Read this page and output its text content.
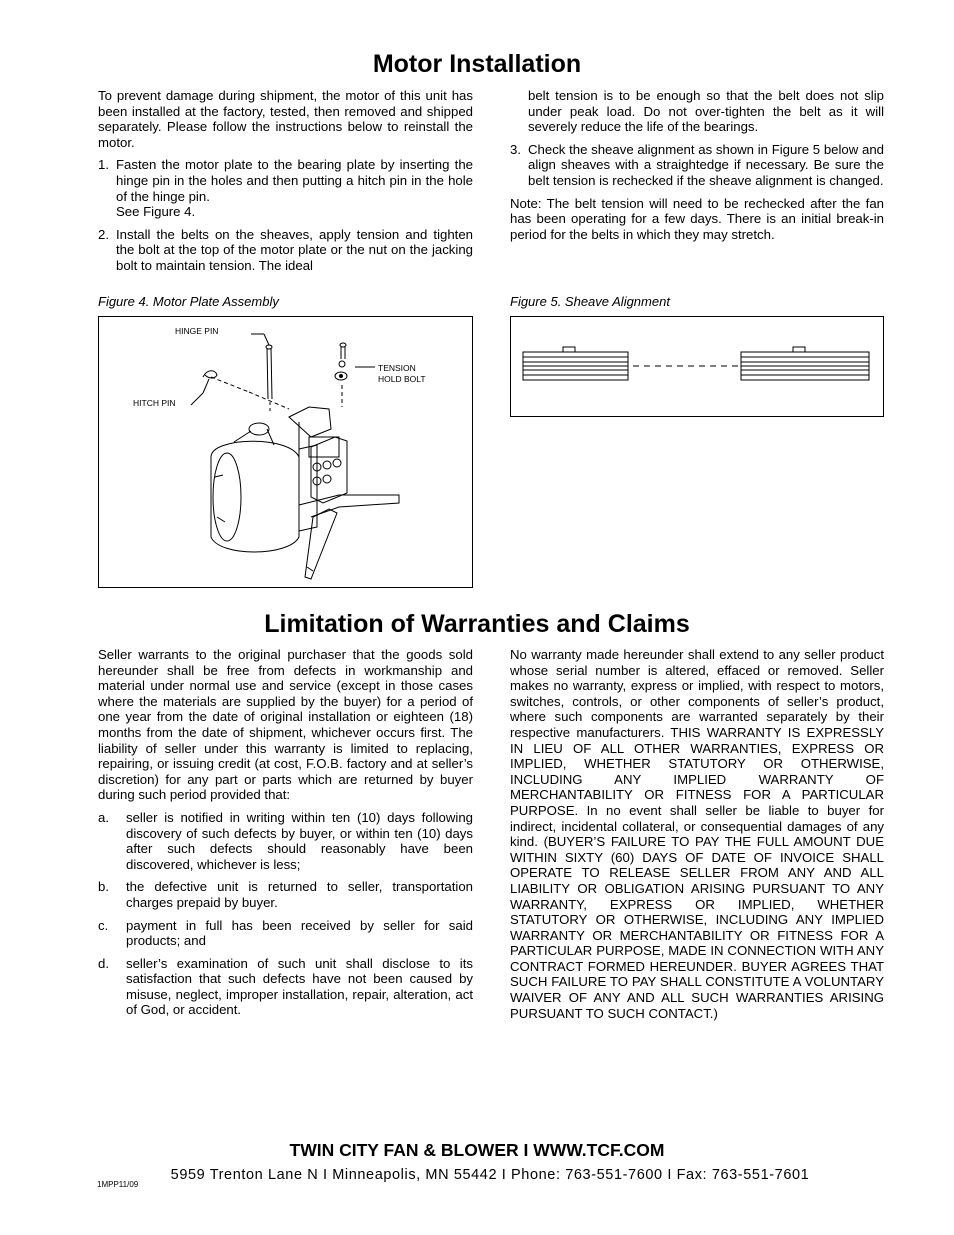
Motor Installation

To prevent damage during shipment, the motor of this unit has been installed at the factory, tested, then removed and shipped separately. Please follow the instructions below to reinstall the motor.

1. Fasten the motor plate to the bearing plate by inserting the hinge pin in the holes and then putting a hitch pin in the hole of the hinge pin.
See Figure 4.
2. Install the belts on the sheaves, apply tension and tighten the bolt at the top of the motor plate or the nut on the jacking bolt to maintain tension. The ideal
belt tension is to be enough so that the belt does not slip under peak load. Do not over-tighten the belt as it will severely reduce the life of the bearings.
3. Check the sheave alignment as shown in Figure 5 below and align sheaves with a straightedge if necessary. Be sure the belt tension is rechecked if the sheave alignment is changed.

Note: The belt tension will need to be rechecked after the fan has been operating for a few days. There is an initial break-in period for the belts in which they may stretch.

Figure 4. Motor Plate Assembly
HINGE PIN
HITCH PIN
TENSION
HOLD BOLT
Figure 5. Sheave Alignment
Limitation of Warranties and Claims

Seller warrants to the original purchaser that the goods sold hereunder shall be free from defects in workmanship and material under normal use and service (except in those cases where the materials are supplied by the buyer) for a period of one year from the date of original installation or eighteen (18) months from the date of shipment, whichever occurs first. The liability of seller under this warranty is limited to replacing, repairing, or issuing credit (at cost, F.O.B. factory and at seller’s discretion) for any part or parts which are returned by buyer during such period provided that:

a.	seller is notified in writing within ten (10) days following discovery of such defects by buyer, or within ten (10) days after such defects should reasonably have been discovered, whichever is less;
b.	the defective unit is returned to seller, transportation charges prepaid by buyer.
c.	payment in full has been received by seller for said products; and
d.	seller’s examination of such unit shall disclose to its satisfaction that such defects have not been caused by misuse, neglect, improper installation, repair, alteration, act of God, or accident.

No warranty made hereunder shall extend to any seller product whose serial number is altered, effaced or removed. Seller makes no warranty, express or implied, with respect to motors, switches, controls, or other components of seller’s product, where such components are warranted separately by their respective manufacturers. THIS WARRANTY IS EXPRESSLY IN LIEU OF ALL OTHER WARRANTIES, EXPRESS OR IMPLIED, WHETHER STATUTORY OR OTHERWISE, INCLUDING ANY IMPLIED WARRANTY OF MERCHANTABILITY OR FITNESS FOR A PARTICULAR PURPOSE. In no event shall seller be liable to buyer for indirect, incidental collateral, or consequential damages of any kind. (BUYER’S FAILURE TO PAY THE FULL AMOUNT DUE WITHIN SIXTY (60) DAYS OF DATE OF INVOICE SHALL OPERATE TO RELEASE SELLER FROM ANY AND ALL LIABILITY OR OBLIGATION ARISING PURSUANT TO ANY WARRANTY, EXPRESS OR IMPLIED, WHETHER STATUTORY OR OTHERWISE, INCLUDING ANY IMPLIED WARRANTY OR MERCHANTABILITY OR FITNESS FOR A PARTICULAR PURPOSE, MADE IN CONNECTION WITH ANY CONTRACT FORMED HEREUNDER. BUYER AGREES THAT SUCH FAILURE TO PAY SHALL CONSTITUTE A VOLUNTARY WAIVER OF ANY AND ALL SUCH WARRANTIES ARISING PURSUANT TO SUCH CONTACT.)

TWIN CITY FAN & BLOWER I WWW.TCF.COM
5959 Trenton Lane N I Minneapolis, MN 55442 I Phone: 763-551-7600 I Fax: 763-551-7601
1MPP11/09
